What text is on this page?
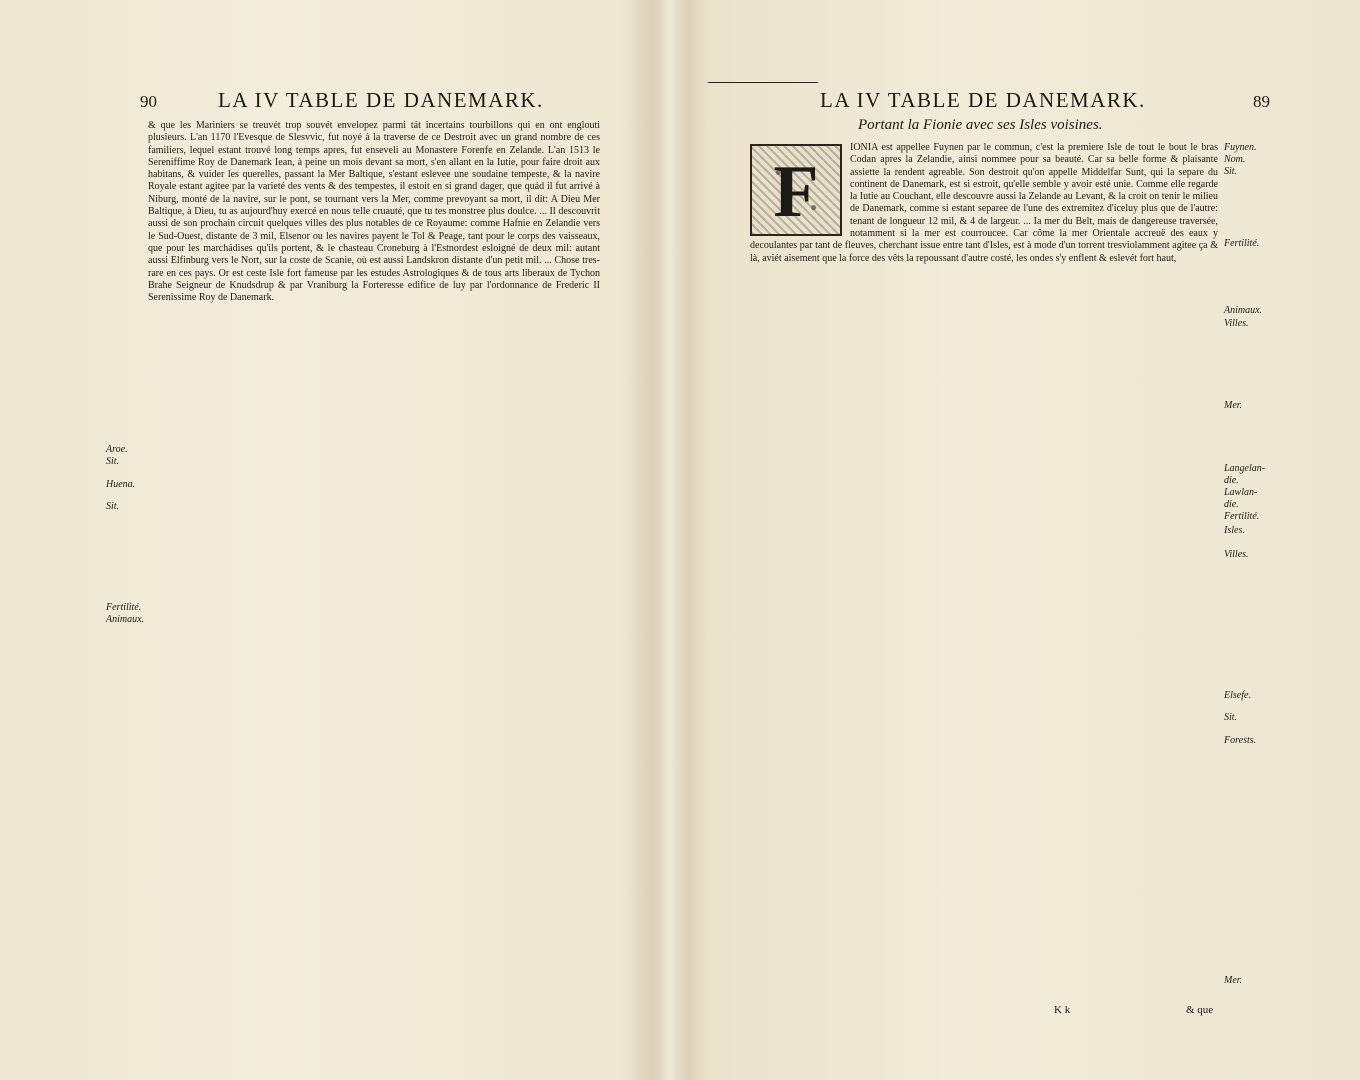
90	LA IV TABLE DE DANEMARK.
& que les Mariniers se treuvét trop souvét envelopez parmi tát incertains tourbillons qui en ont englouti plusieurs. L'an 1170 l'Evesque de Slesvvic, fut noyé à la traverse de ce Destroit avec un grand nombre de ces familiers, lequel estant trouvé long temps apres, fut enseveli au Monastere Forenfe en Zelande. L'an 1513 le Sereniffime Roy de Danemark Iean, à peine un mois devant sa mort, s'en allant en la Iutie, pour faire droit aux habitans, & vuider les querelles, passant la Mer Baltique, s'estant eslevee une soudaine tempeste, & la navire Royale estant agitee par la varieté des vents & des tempestes, il estoit en si grand dager, que quád il fut arrivé à Niburg, monté de la navire, sur le pont, se tournant vers la Mer, comme prevoyant sa mort, il dit: A Dieu Mer Baltique, à Dieu, tu as aujourd'huy exercé en nous telle cruauté, que tu tes monstree plus doulce. ... Il descouvrit aussi de son prochain circuit quelques villes des plus notables de ce Royaume: comme Hafnie en Zelandie vers le Sud-Ouest, distante de 3 mil, Elsenor ou les navires payent le Tol & Peage, tant pour le corps des vaisseaux, que pour les marchádises qu'ils portent, & le chasteau Croneburg à l'Estnordest esloigné de deux mil: autant aussi Elfinburg vers le Nort, sur la coste de Scanie, où est aussi Landskron distante d'un petit mil. ... Chose tres-rare en ces pays. Or est ceste Isle fort fameuse par les estudes Astrologiques & de tous arts liberaux de Tychon Brahe Seigneur de Knudsdrup & par Vraniburg la Forteresse edifice de luy par l'ordonnance de Frederic II Serenissime Roy de Danemark.
Aroe.
Sit.
Huena.
Sit.
Fertilité.
Animaux.
LA IV TABLE DE DANEMARK.	89
Portant la Fionie avec ses Isles voisines.
F
IONIA est appellee Fuynen par le commun, c'est la premiere Isle de tout le bout le bras Codan apres la Zelandie, ainsi nommee pour sa beauté. Car sa belle forme & plaisante assiette la rendent agreable. Son destroit qu'on appelle Middelfar Sunt, qui la separe du continent de Danemark, est si estroit, qu'elle semble y avoir esté unie. Comme elle regarde la Iutie au Couchant, elle descouvre aussi la Zelande au Levant, & la croit on tenir le milieu de Danemark, comme si estant separee de l'une des extremitez d'iceluy plus que de l'autre: tenant de longueur 12 mil, & 4 de largeur. ... Ia mer du Belt, mais de dangereuse traversée, notamment si la mer est courroucee. Car côme la mer Orientale accreuë des eaux y decoulantes par tant de fleuves, cherchant issue entre tant d'Isles, est à mode d'un torrent tresviolamment agitee ça & là, aviét aisement que la force des vêts la repoussant d'autre costé, les ondes s'y enflent & eslevét fort haut,
Fuynen.
Nom.
Sit.
Fertilité.
Animaux.
Villes.
Mer.
Langelan-
die.
Lawlan-
die.
Fertilité.
Isles.
Villes.
Elsefe.
Sit.
Forests.
Mer.
K k	& que
